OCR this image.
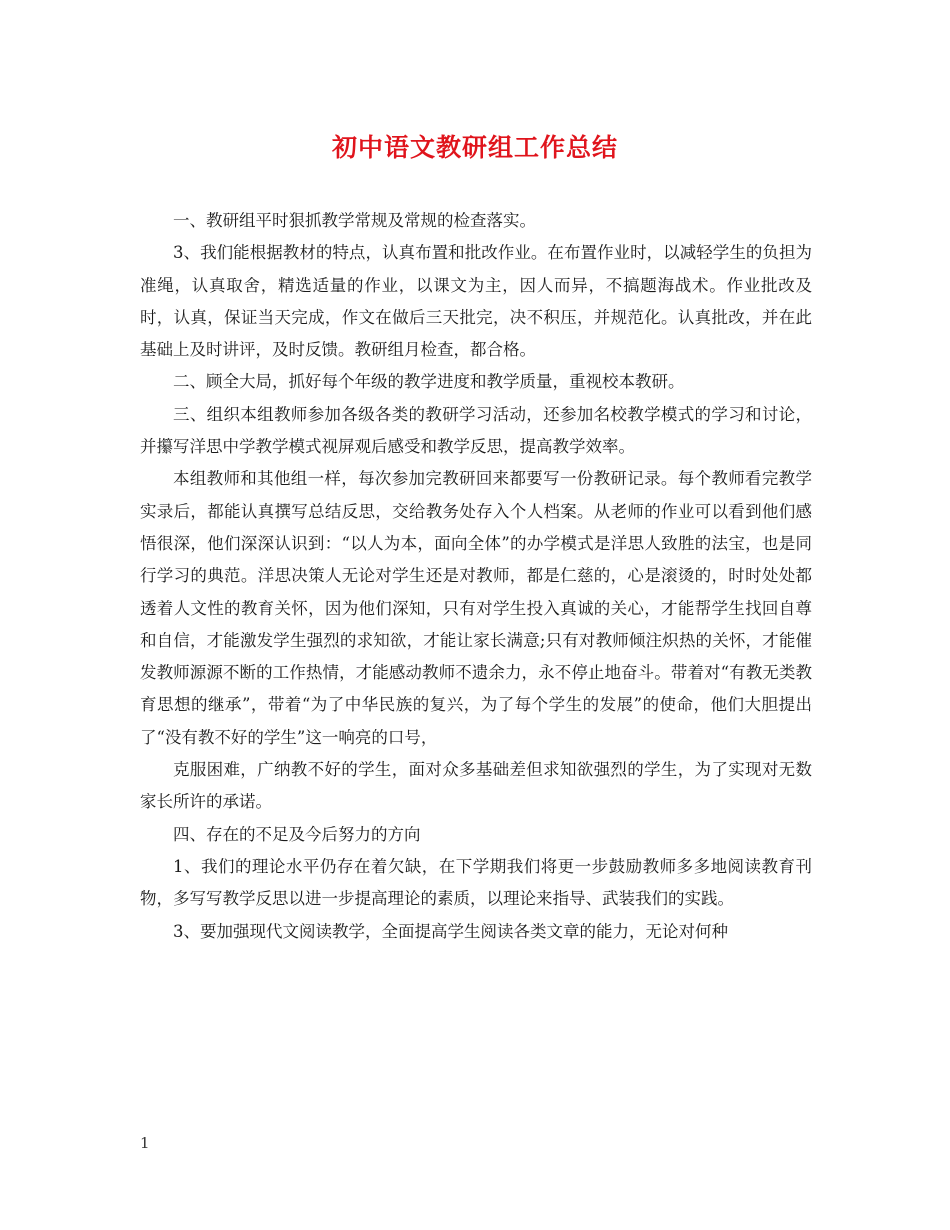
初中语文教研组工作总结

一、教研组平时狠抓教学常规及常规的检查落实。

3、我们能根据教材的特点，认真布置和批改作业。在布置作业时，以减轻学生的负担为准绳，认真取舍，精选适量的作业，以课文为主，因人而异，不搞题海战术。作业批改及时，认真，保证当天完成，作文在做后三天批完，决不积压，并规范化。认真批改，并在此基础上及时讲评，及时反馈。教研组月检查，都合格。

二、顾全大局，抓好每个年级的教学进度和教学质量，重视校本教研。

三、组织本组教师参加各级各类的教研学习活动，还参加名校教学模式的学习和讨论，并攥写洋思中学教学模式视屏观后感受和教学反思，提高教学效率。

本组教师和其他组一样，每次参加完教研回来都要写一份教研记录。每个教师看完教学实录后，都能认真撰写总结反思，交给教务处存入个人档案。从老师的作业可以看到他们感悟很深，他们深深认识到：“以人为本，面向全体”的办学模式是洋思人致胜的法宝，也是同行学习的典范。洋思决策人无论对学生还是对教师，都是仁慈的，心是滚烫的，时时处处都透着人文性的教育关怀，因为他们深知，只有对学生投入真诚的关心，才能帮学生找回自尊和自信，才能激发学生强烈的求知欲，才能让家长满意;只有对教师倾注炽热的关怀，才能催发教师源源不断的工作热情，才能感动教师不遗余力，永不停止地奋斗。带着对“有教无类教育思想的继承”，带着“为了中华民族的复兴，为了每个学生的发展”的使命，他们大胆提出了“没有教不好的学生”这一响亮的口号，

克服困难，广纳教不好的学生，面对众多基础差但求知欲强烈的学生，为了实现对无数家长所许的承诺。

四、存在的不足及今后努力的方向

1、我们的理论水平仍存在着欠缺，在下学期我们将更一步鼓励教师多多地阅读教育刊物，多写写教学反思以进一步提高理论的素质，以理论来指导、武装我们的实践。

3、要加强现代文阅读教学，全面提高学生阅读各类文章的能力，无论对何种

1
